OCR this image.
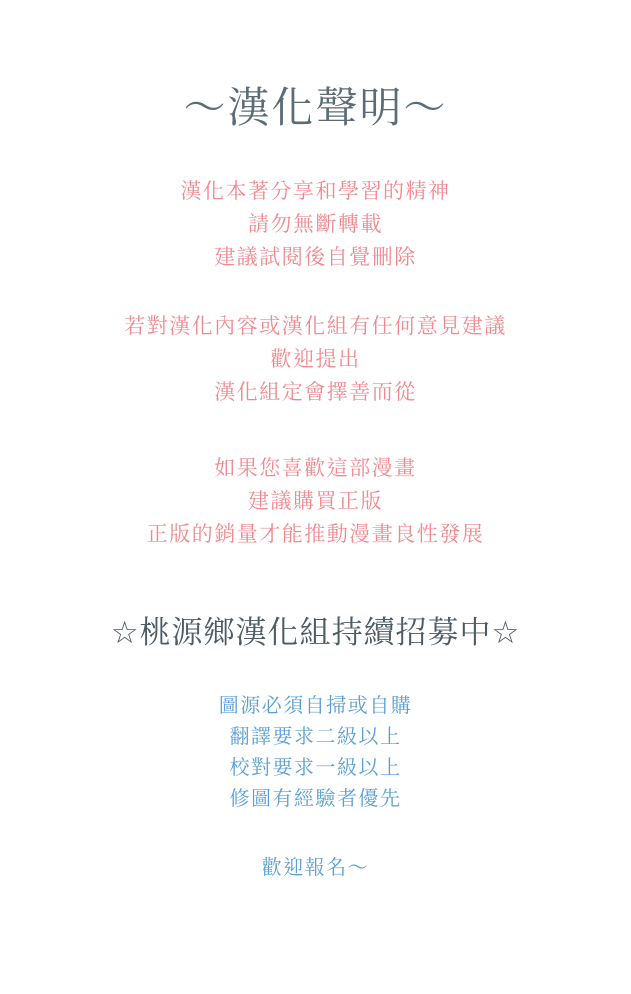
～漢化聲明～
漢化本著分享和學習的精神
請勿無斷轉載
建議試閱後自覺刪除
若對漢化內容或漢化組有任何意見建議
歡迎提出
漢化組定會擇善而從
如果您喜歡這部漫畫
建議購買正版
正版的銷量才能推動漫畫良性發展
☆桃源鄉漢化組持續招募中☆
圖源必須自掃或自購
翻譯要求二級以上
校對要求一級以上
修圖有經驗者優先
歡迎報名～
